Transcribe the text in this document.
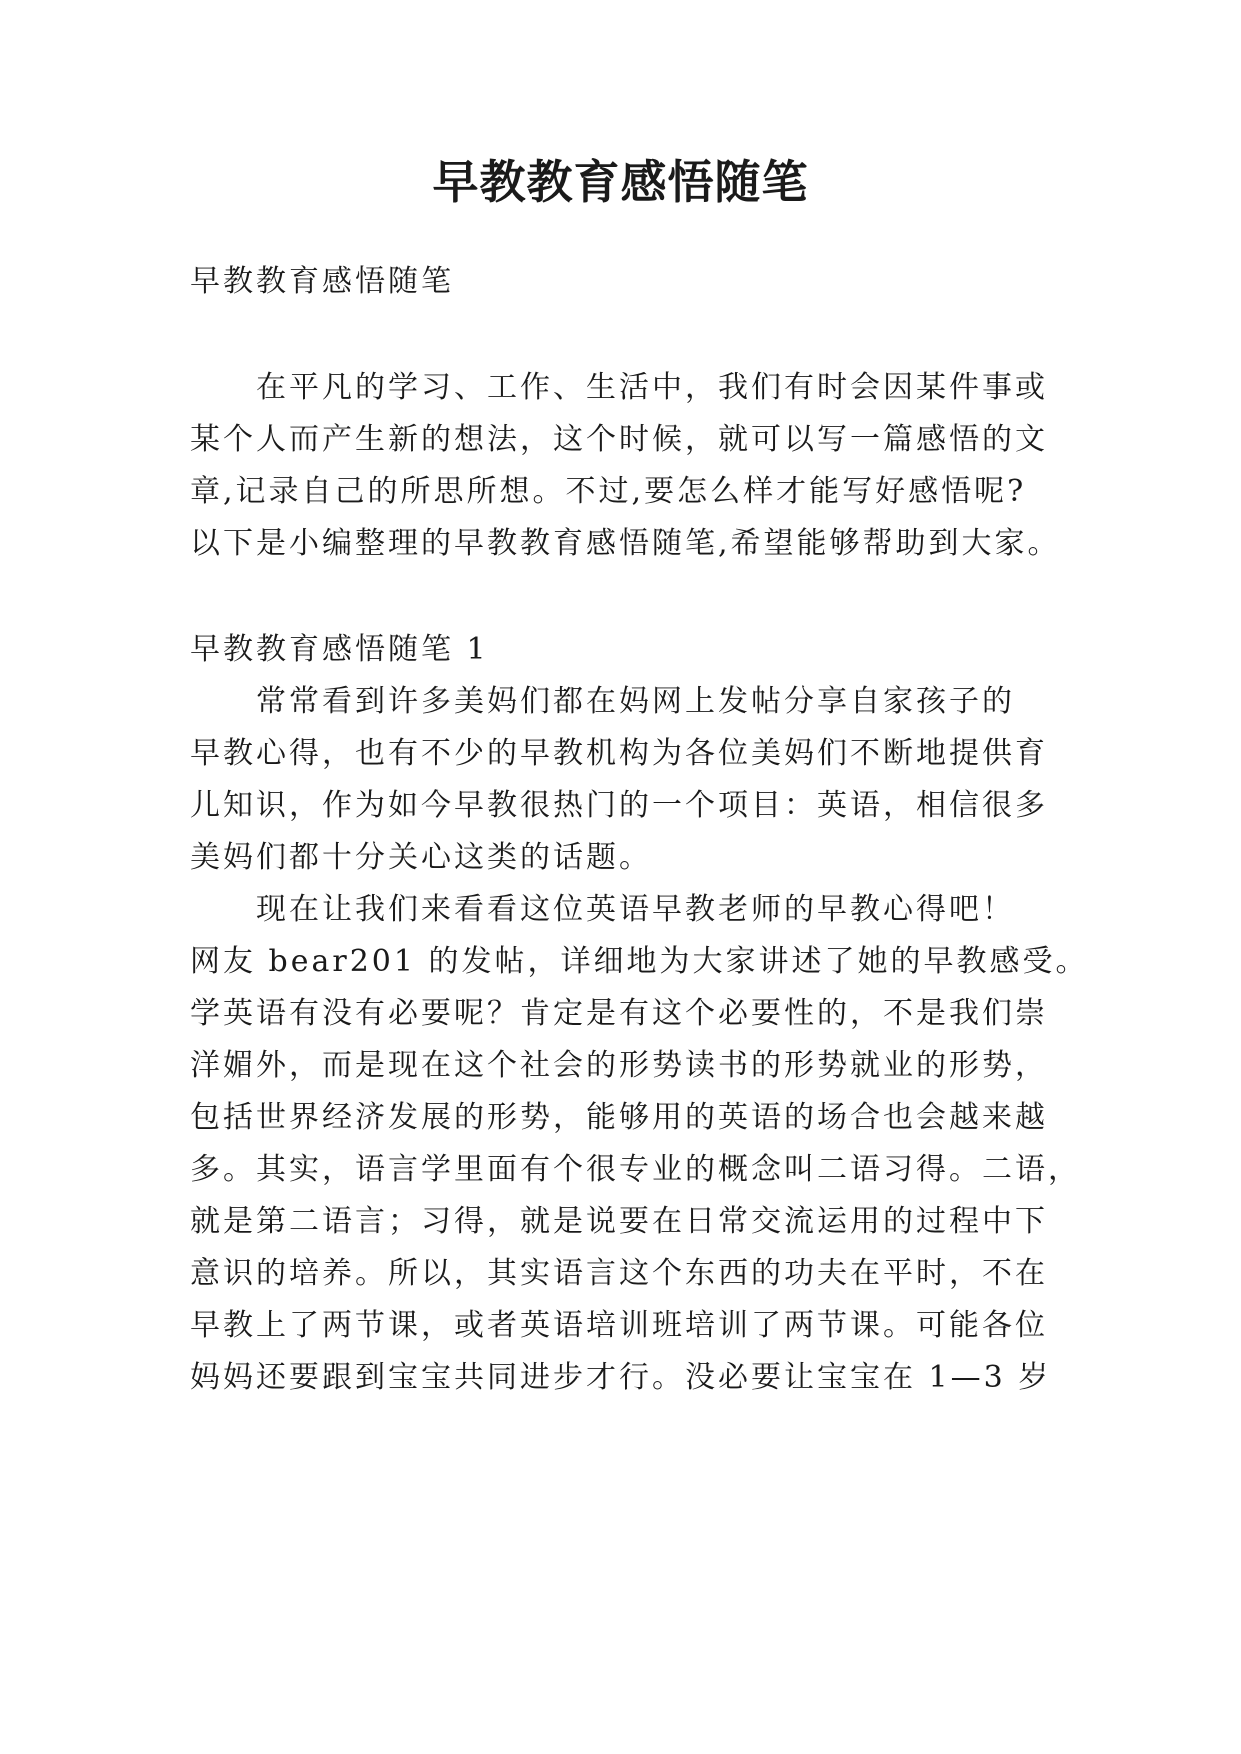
早教教育感悟随笔
早教教育感悟随笔
在平凡的学习、工作、生活中，我们有时会因某件事或
某个人而产生新的想法，这个时候，就可以写一篇感悟的文
章,记录自己的所思所想。不过,要怎么样才能写好感悟呢?
以下是小编整理的早教教育感悟随笔,希望能够帮助到大家。
早教教育感悟随笔 1
常常看到许多美妈们都在妈网上发帖分享自家孩子的
早教心得，也有不少的早教机构为各位美妈们不断地提供育
儿知识，作为如今早教很热门的一个项目：英语，相信很多
美妈们都十分关心这类的话题。
现在让我们来看看这位英语早教老师的早教心得吧！
网友 bear201 的发帖，详细地为大家讲述了她的早教感受。
学英语有没有必要呢？肯定是有这个必要性的，不是我们崇
洋媚外，而是现在这个社会的形势读书的形势就业的形势，
包括世界经济发展的形势，能够用的英语的场合也会越来越
多。其实，语言学里面有个很专业的概念叫二语习得。二语，
就是第二语言；习得，就是说要在日常交流运用的过程中下
意识的培养。所以，其实语言这个东西的功夫在平时，不在
早教上了两节课，或者英语培训班培训了两节课。可能各位
妈妈还要跟到宝宝共同进步才行。没必要让宝宝在 1—3 岁
